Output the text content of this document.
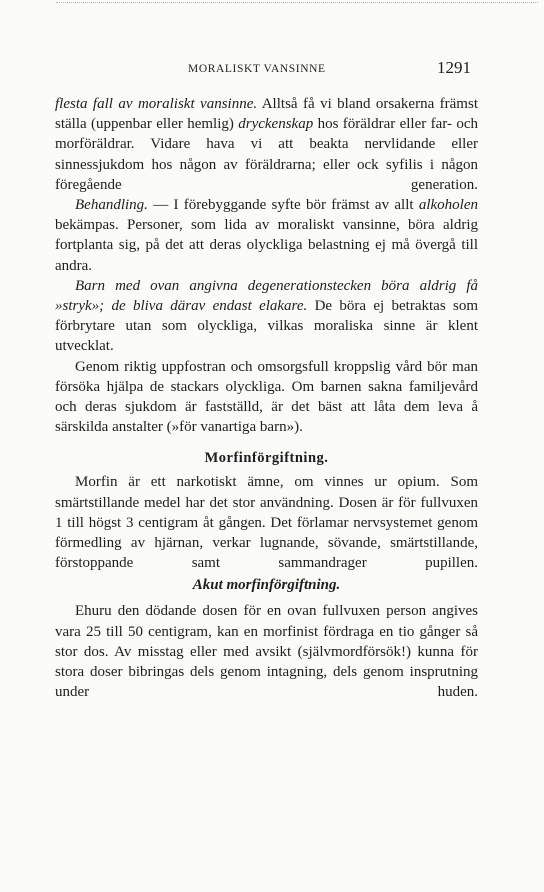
MORALISKT VANSINNE	1291

flesta fall av moraliskt vansinne. Alltså få vi bland orsakerna främst ställa (uppenbar eller hemlig) dryckenskap hos föräldrar eller far- och morföräldrar. Vidare hava vi att beakta nervlidande eller sinnessjukdom hos någon av föräldrarna; eller ock syfilis i någon föregående generation.

Behandling. — I förebyggande syfte bör främst av allt alkoholen bekämpas. Personer, som lida av moraliskt vansinne, böra aldrig fortplanta sig, på det att deras olyckliga belastning ej må övergå till andra.

Barn med ovan angivna degenerationstecken böra aldrig få »stryk»; de bliva därav endast elakare. De böra ej betraktas som förbrytare utan som olyckliga, vilkas moraliska sinne är klent utvecklat.

Genom riktig uppfostran och omsorgsfull kroppslig vård bör man försöka hjälpa de stackars olyckliga. Om barnen sakna familjevård och deras sjukdom är fastställd, är det bäst att låta dem leva å särskilda anstalter (»för vanartiga barn»).

Morfinförgiftning.

Morfin är ett narkotiskt ämne, om vinnes ur opium. Som smärtstillande medel har det stor användning. Dosen är för fullvuxen 1 till högst 3 centigram åt gången. Det förlamar nervsystemet genom förmedling av hjärnan, verkar lugnande, sövande, smärtstillande, förstoppande samt sammandrager pupillen.

Akut morfinförgiftning.

Ehuru den dödande dosen för en ovan fullvuxen person angives vara 25 till 50 centigram, kan en morfinist fördraga en tio gånger så stor dos. Av misstag eller med avsikt (självmordförsök!) kunna för stora doser bibringas dels genom intagning, dels genom insprutning under huden.
